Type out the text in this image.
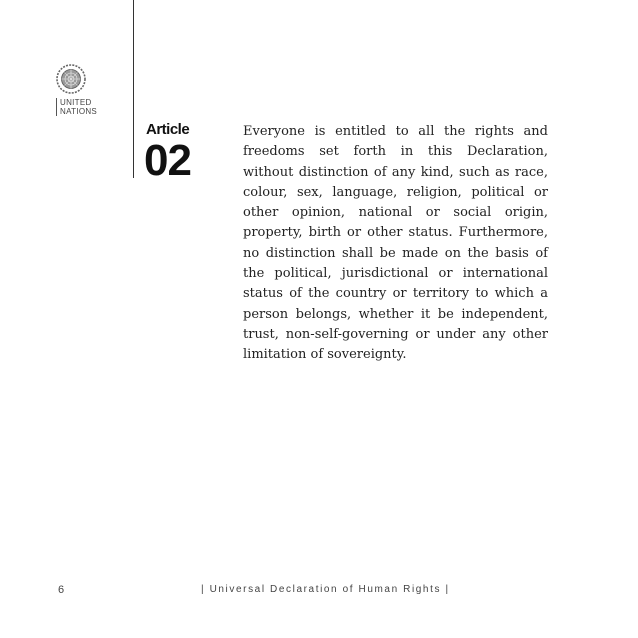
UNITED
NATIONS
Article
02

Everyone is entitled to all the rights and freedoms set forth in this Declaration, without distinction of any kind, such as race, colour, sex, language, religion, political or other opinion, national or social origin, property, birth or other status. Furthermore, no distinction shall be made on the basis of the political, jurisdictional or international status of the country or territory to which a person belongs, whether it be independent, trust, non-self-governing or under any other limitation of sovereignty.

6	| Universal Declaration of Human Rights |
